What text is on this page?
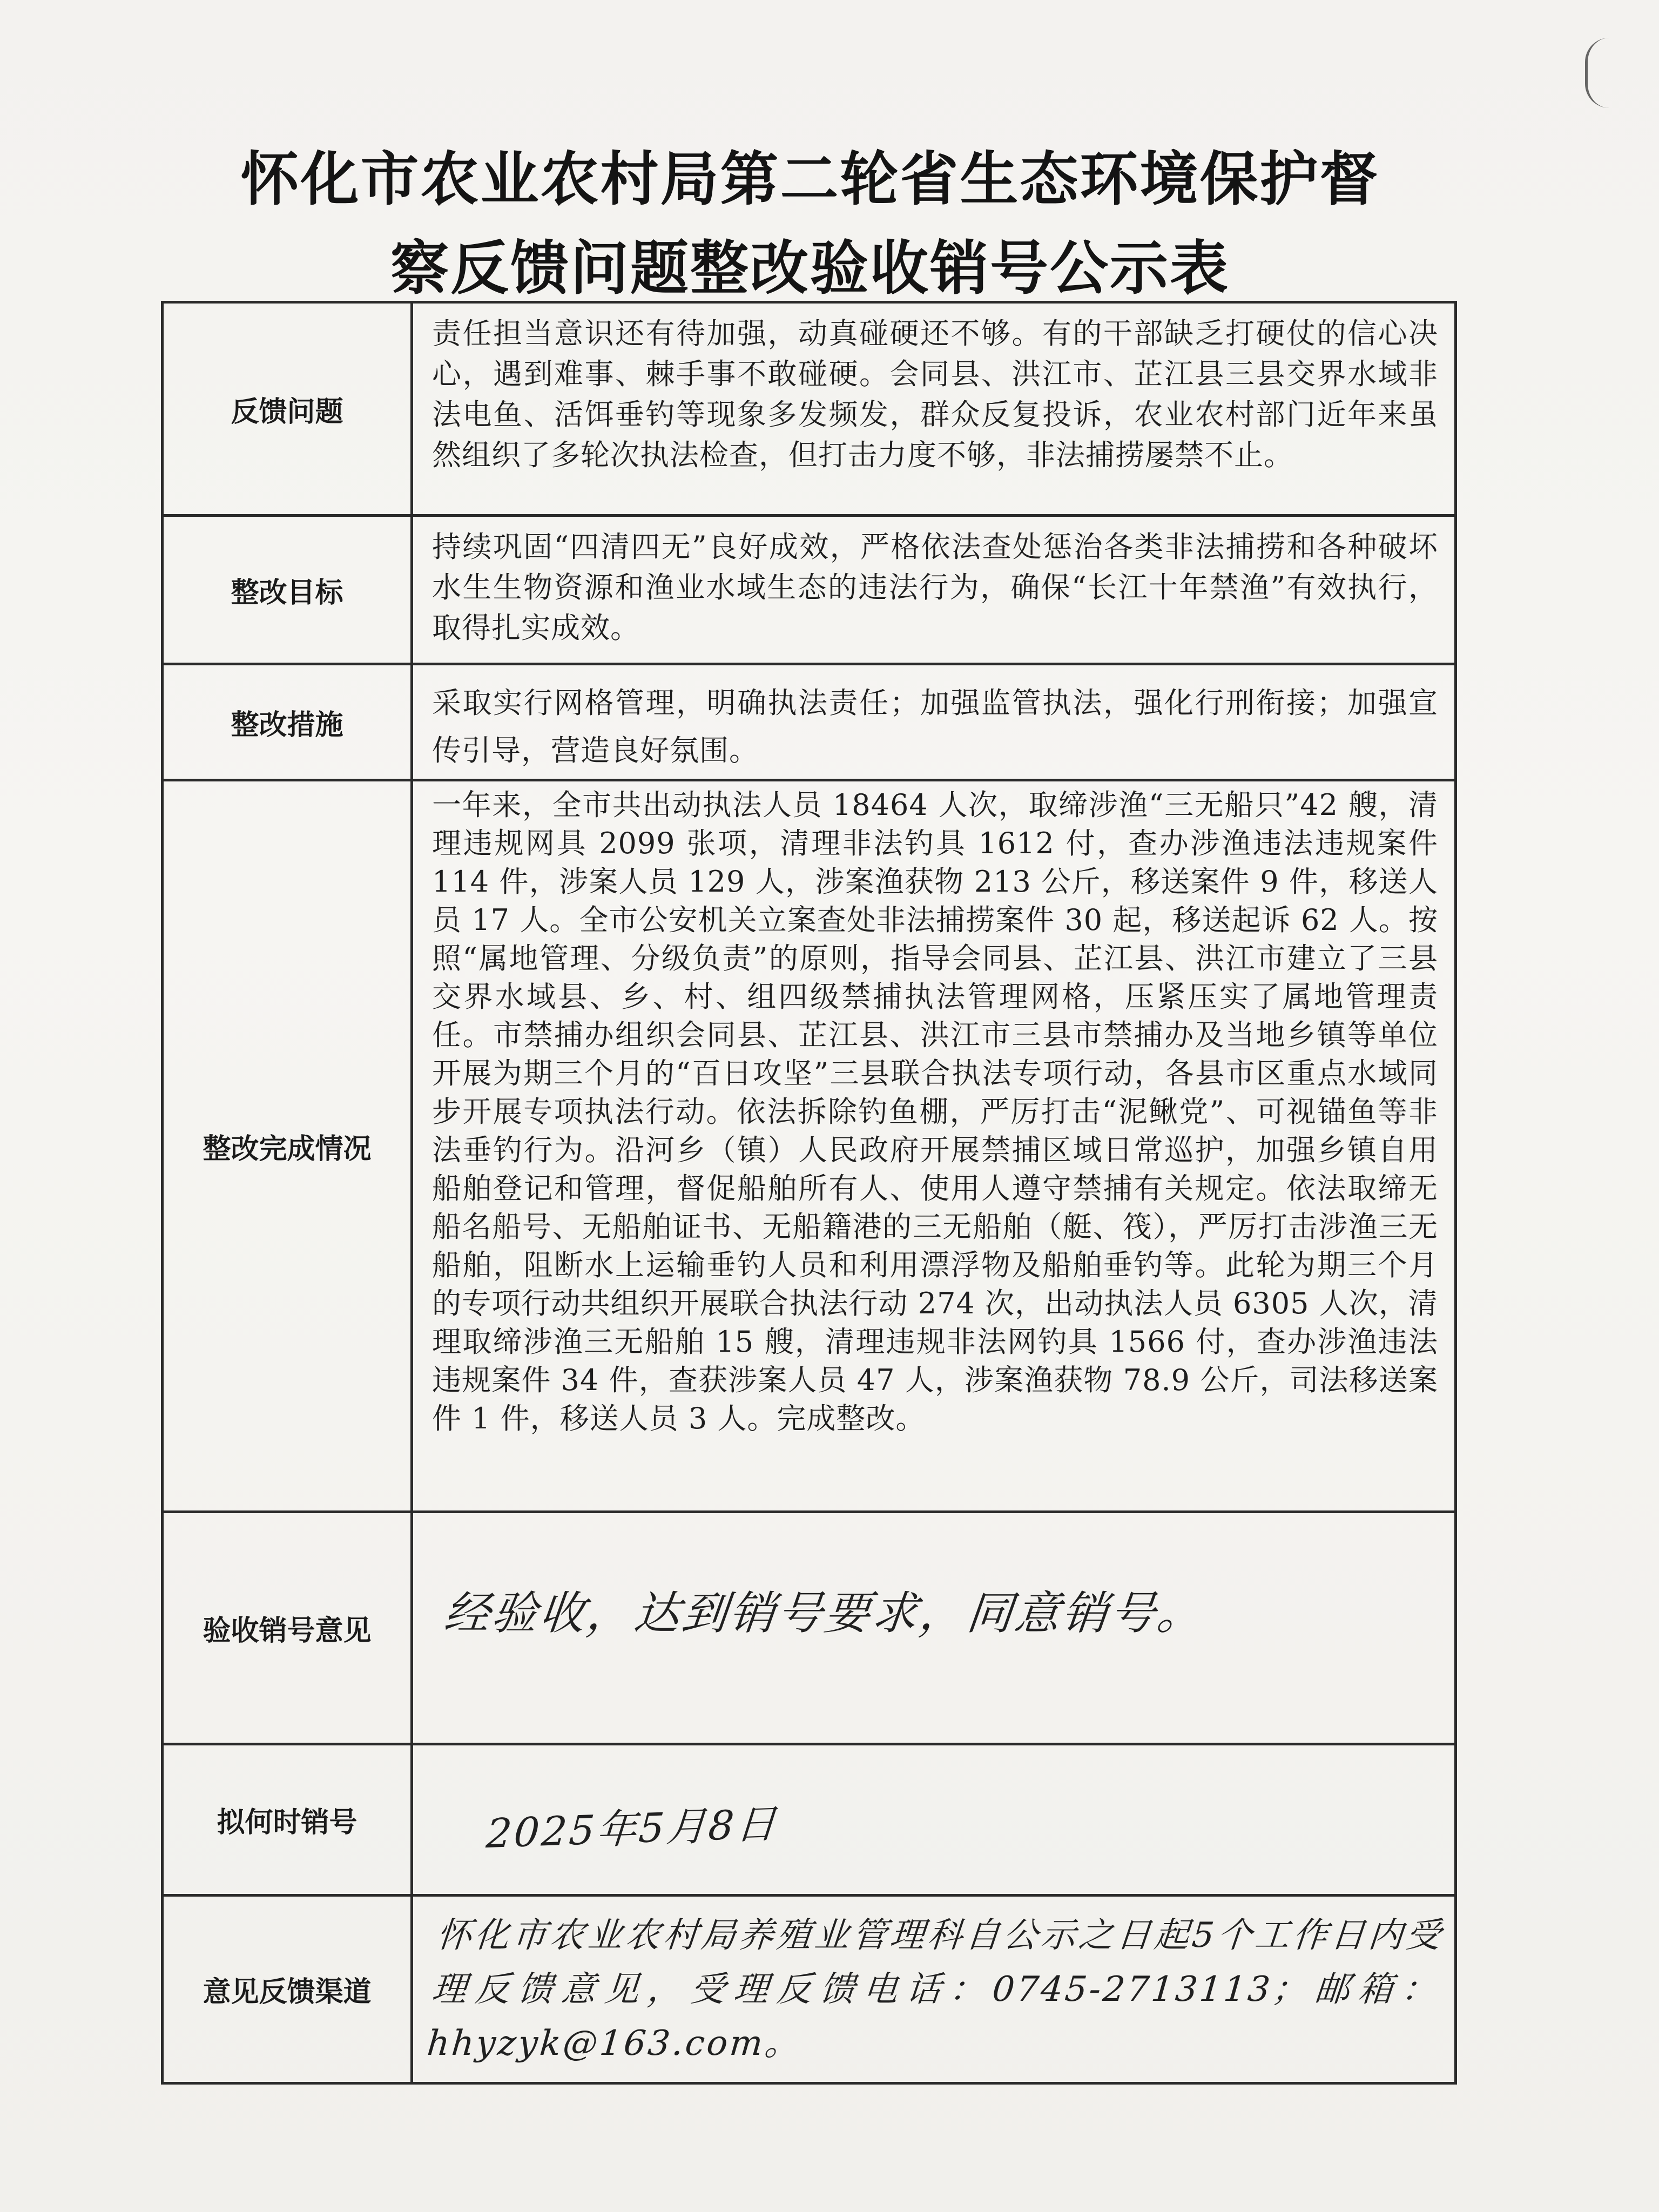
怀化市农业农村局第二轮省生态环境保护督
察反馈问题整改验收销号公示表
反馈问题
责任担当意识还有待加强，动真碰硬还不够。有的干部缺乏打硬仗的信心决心，遇到难事、棘手事不敢碰硬。会同县、洪江市、芷江县三县交界水域非法电鱼、活饵垂钓等现象多发频发，群众反复投诉，农业农村部门近年来虽然组织了多轮次执法检查，但打击力度不够，非法捕捞屡禁不止。
整改目标
持续巩固“四清四无”良好成效，严格依法查处惩治各类非法捕捞和各种破坏水生生物资源和渔业水域生态的违法行为，确保“长江十年禁渔”有效执行，取得扎实成效。
整改措施
采取实行网格管理，明确执法责任；加强监管执法，强化行刑衔接；加强宣传引导，营造良好氛围。
整改完成情况
一年来，全市共出动执法人员 18464 人次，取缔涉渔“三无船只”42 艘，清理违规网具 2099 张项，清理非法钓具 1612 付，查办涉渔违法违规案件 114 件，涉案人员 129 人，涉案渔获物 213 公斤，移送案件 9 件，移送人员 17 人。全市公安机关立案查处非法捕捞案件 30 起，移送起诉 62 人。按照“属地管理、分级负责”的原则，指导会同县、芷江县、洪江市建立了三县交界水域县、乡、村、组四级禁捕执法管理网格，压紧压实了属地管理责任。市禁捕办组织会同县、芷江县、洪江市三县市禁捕办及当地乡镇等单位开展为期三个月的“百日攻坚”三县联合执法专项行动，各县市区重点水域同步开展专项执法行动。依法拆除钓鱼棚，严厉打击“泥鳅党”、可视锚鱼等非法垂钓行为。沿河乡（镇）人民政府开展禁捕区域日常巡护，加强乡镇自用船舶登记和管理，督促船舶所有人、使用人遵守禁捕有关规定。依法取缔无船名船号、无船舶证书、无船籍港的三无船舶（艇、筏），严厉打击涉渔三无船舶，阻断水上运输垂钓人员和利用漂浮物及船舶垂钓等。此轮为期三个月的专项行动共组织开展联合执法行动 274 次，出动执法人员 6305 人次，清理取缔涉渔三无船舶 15 艘，清理违规非法网钓具 1566 付，查办涉渔违法违规案件 34 件，查获涉案人员 47 人，涉案渔获物 78.9 公斤，司法移送案件 1 件，移送人员 3 人。完成整改。
验收销号意见	经验收，达到销号要求，同意销号。
拟何时销号	2025年5月8日
意见反馈渠道
怀化市农业农村局养殖业管理科自公示之日起5个工作日内受理反馈意见，受理反馈电话：0745-2713113；邮箱：hhyzyk@163.com。
